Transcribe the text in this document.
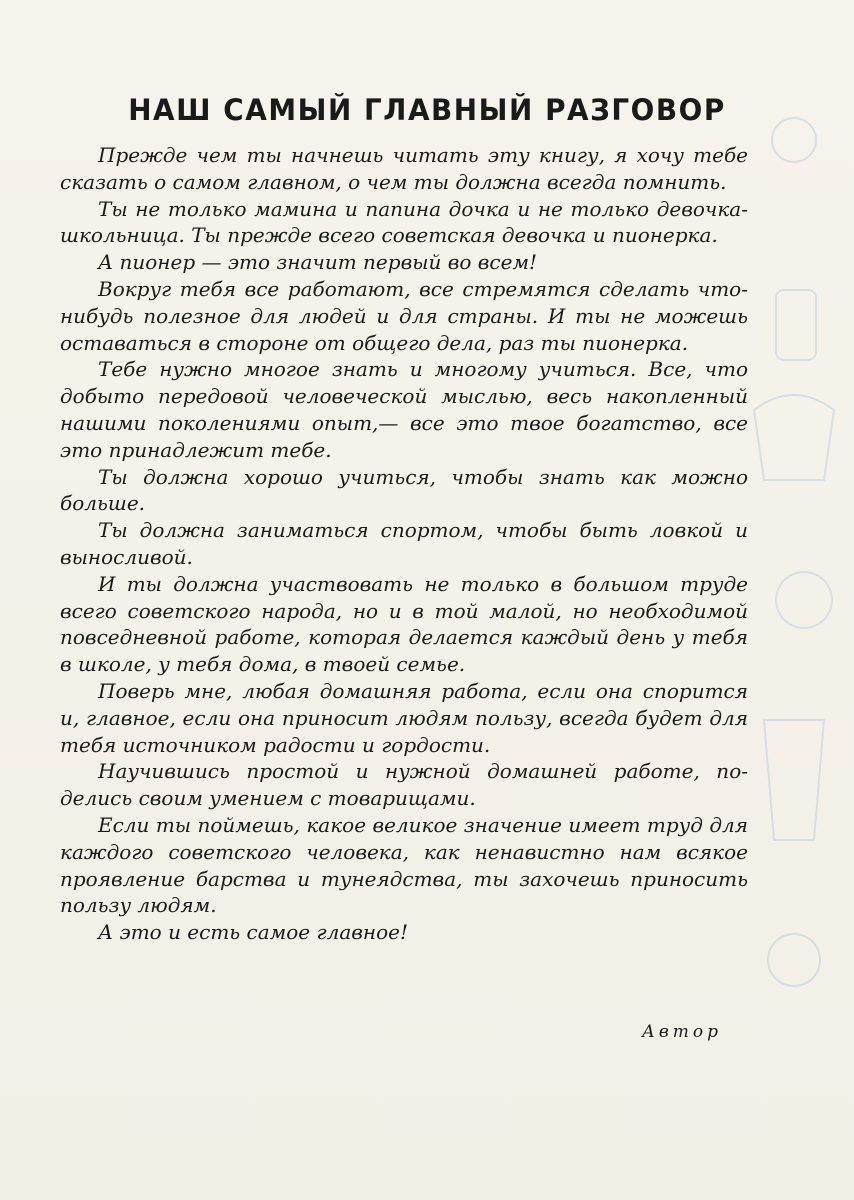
НАШ САМЫЙ ГЛАВНЫЙ РАЗГОВОР

Прежде чем ты начнешь читать эту книгу, я хочу тебе сказать о самом главном, о чем ты должна всегда помнить.

Ты не только мамина и папина дочка и не только девочка-школьница. Ты прежде всего советская девочка и пионерка.

А пионер — это значит первый во всем!

Вокруг тебя все работают, все стремятся сделать чтонибудь полезное для людей и для страны. И ты не можешь оставаться в стороне от общего дела, раз ты пионерка.

Тебе нужно многое знать и многому учиться. Все, что добыто передовой человеческой мыслью, весь накопленный нашими поколениями опыт,— все это твое богатство, все это принадлежит тебе.

Ты должна хорошо учиться, чтобы знать как можно больше.

Ты должна заниматься спортом, чтобы быть ловкой и выносливой.

И ты должна участвовать не только в большом труде всего советского народа, но и в той малой, но необходимой повседневной работе, которая делается каждый день у тебя в школе, у тебя дома, в твоей семье.

Поверь мне, любая домашняя работа, если она спорится и, главное, если она приносит людям пользу, всегда будет для тебя источником радости и гордости.

Научившись простой и нужной домашней работе, поделись своим умением с товарищами.

Если ты поймешь, какое великое значение имеет труд для каждого советского человека, как ненавистно нам всякое проявление барства и тунеядства, ты захочешь приносить пользу людям.

А это и есть самое главное!

Автор
